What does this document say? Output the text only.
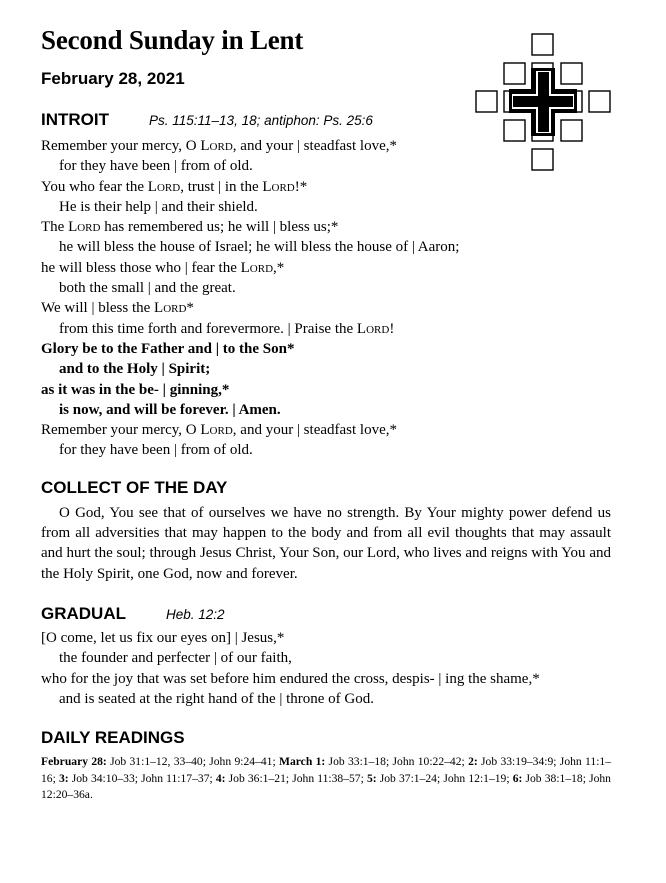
Second Sunday in Lent
February 28, 2021
INTROIT	Ps. 115:11–13, 18; antiphon: Ps. 25:6
Remember your mercy, O Lord, and your | steadfast love,*
for they have been | from of old.
You who fear the Lord, trust | in the Lord!*
He is their help | and their shield.
The Lord has remembered us; he will | bless us;*
he will bless the house of Israel; he will bless the house of | Aaron;
he will bless those who | fear the Lord,*
both the small | and the great.
We will | bless the Lord*
from this time forth and forevermore. | Praise the Lord!
Glory be to the Father and | to the Son*
and to the Holy | Spirit;
as it was in the be- | ginning,*
is now, and will be forever. | Amen.
Remember your mercy, O Lord, and your | steadfast love,*
for they have been | from of old.
COLLECT OF THE DAY

O God, You see that of ourselves we have no strength. By Your mighty power defend us from all adversities that may happen to the body and from all evil thoughts that may assault and hurt the soul; through Jesus Christ, Your Son, our Lord, who lives and reigns with You and the Holy Spirit, one God, now and forever.

GRADUAL	Heb. 12:2
[O come, let us fix our eyes on] | Jesus,*
the founder and perfecter | of our faith,
who for the joy that was set before him endured the cross, despis- | ing the shame,*
and is seated at the right hand of the | throne of God.
DAILY READINGS

February 28: Job 31:1–12, 33–40; John 9:24–41; March 1: Job 33:1–18; John 10:22–42; 2: Job 33:19–34:9; John 11:1–16; 3: Job 34:10–33; John 11:17–37; 4: Job 36:1–21; John 11:38–57; 5: Job 37:1–24; John 12:1–19; 6: Job 38:1–18; John 12:20–36a.
